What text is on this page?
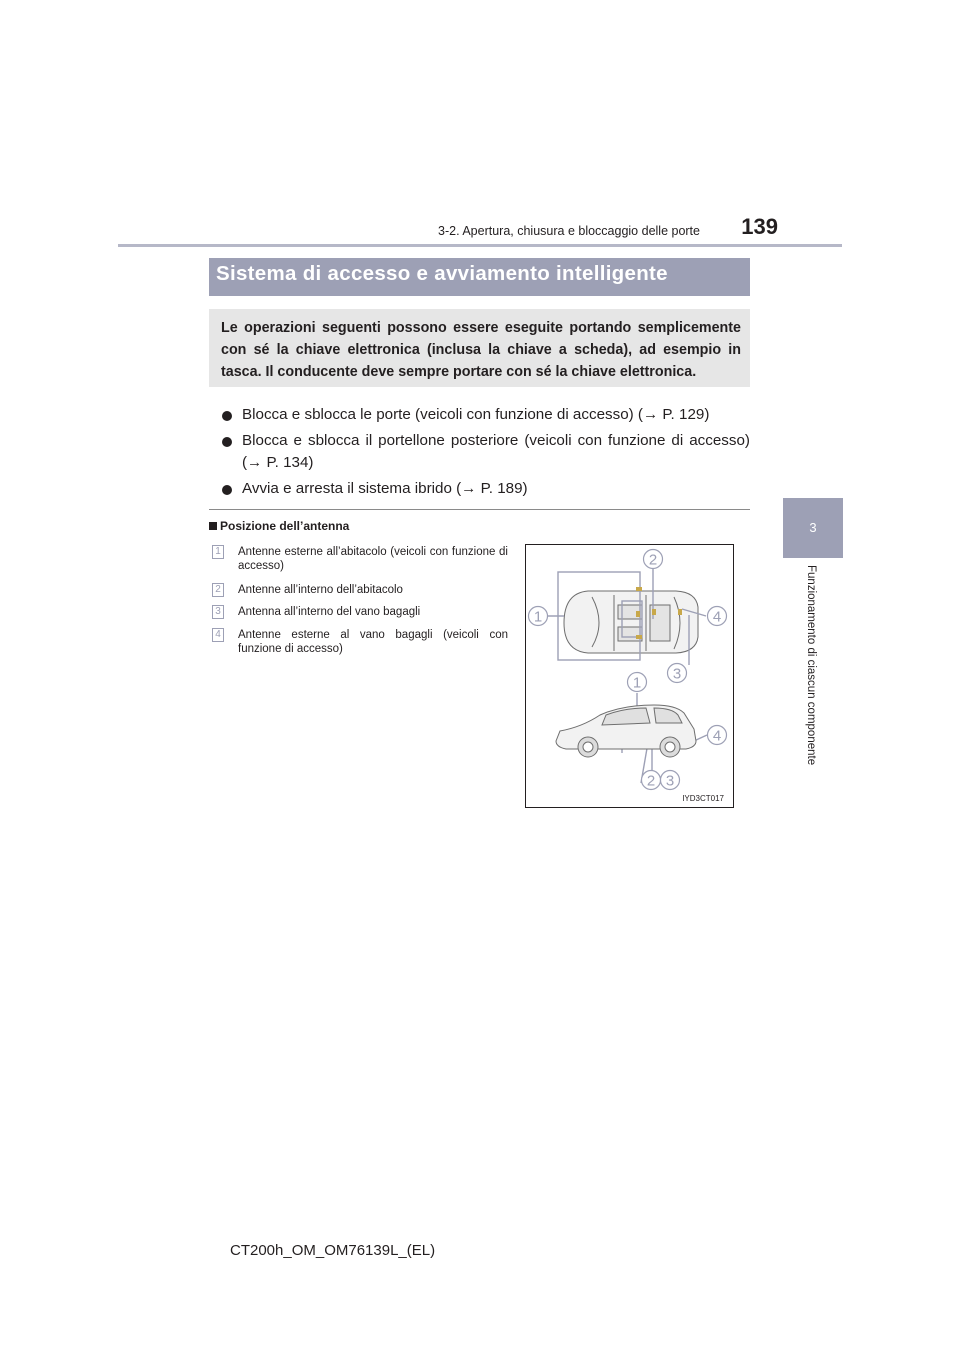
3-2. Apertura, chiusura e bloccaggio delle porte	139
3
Funzionamento di ciascun componente
Sistema di accesso e avviamento intelligente
Le operazioni seguenti possono essere eseguite portando semplicemente con sé la chiave elettronica (inclusa la chiave a scheda), ad esempio in tasca. Il conducente deve sempre portare con sé la chiave elettronica.
Blocca e sblocca le porte (veicoli con funzione di accesso) (→ P. 129)
Blocca e sblocca il portellone posteriore (veicoli con funzione di accesso) (→ P. 134)
Avvia e arresta il sistema ibrido (→ P. 189)
Posizione dell’antenna
1 Antenne esterne all’abitacolo (veicoli con funzione di accesso)
2 Antenne all’interno dell’abitacolo
3 Antenna all’interno del vano bagagli
4 Antenne esterne al vano bagagli (veicoli con funzione di accesso)
2
1	4
3
1
4
2 3
IYD3CT017
CT200h_OM_OM76139L_(EL)
